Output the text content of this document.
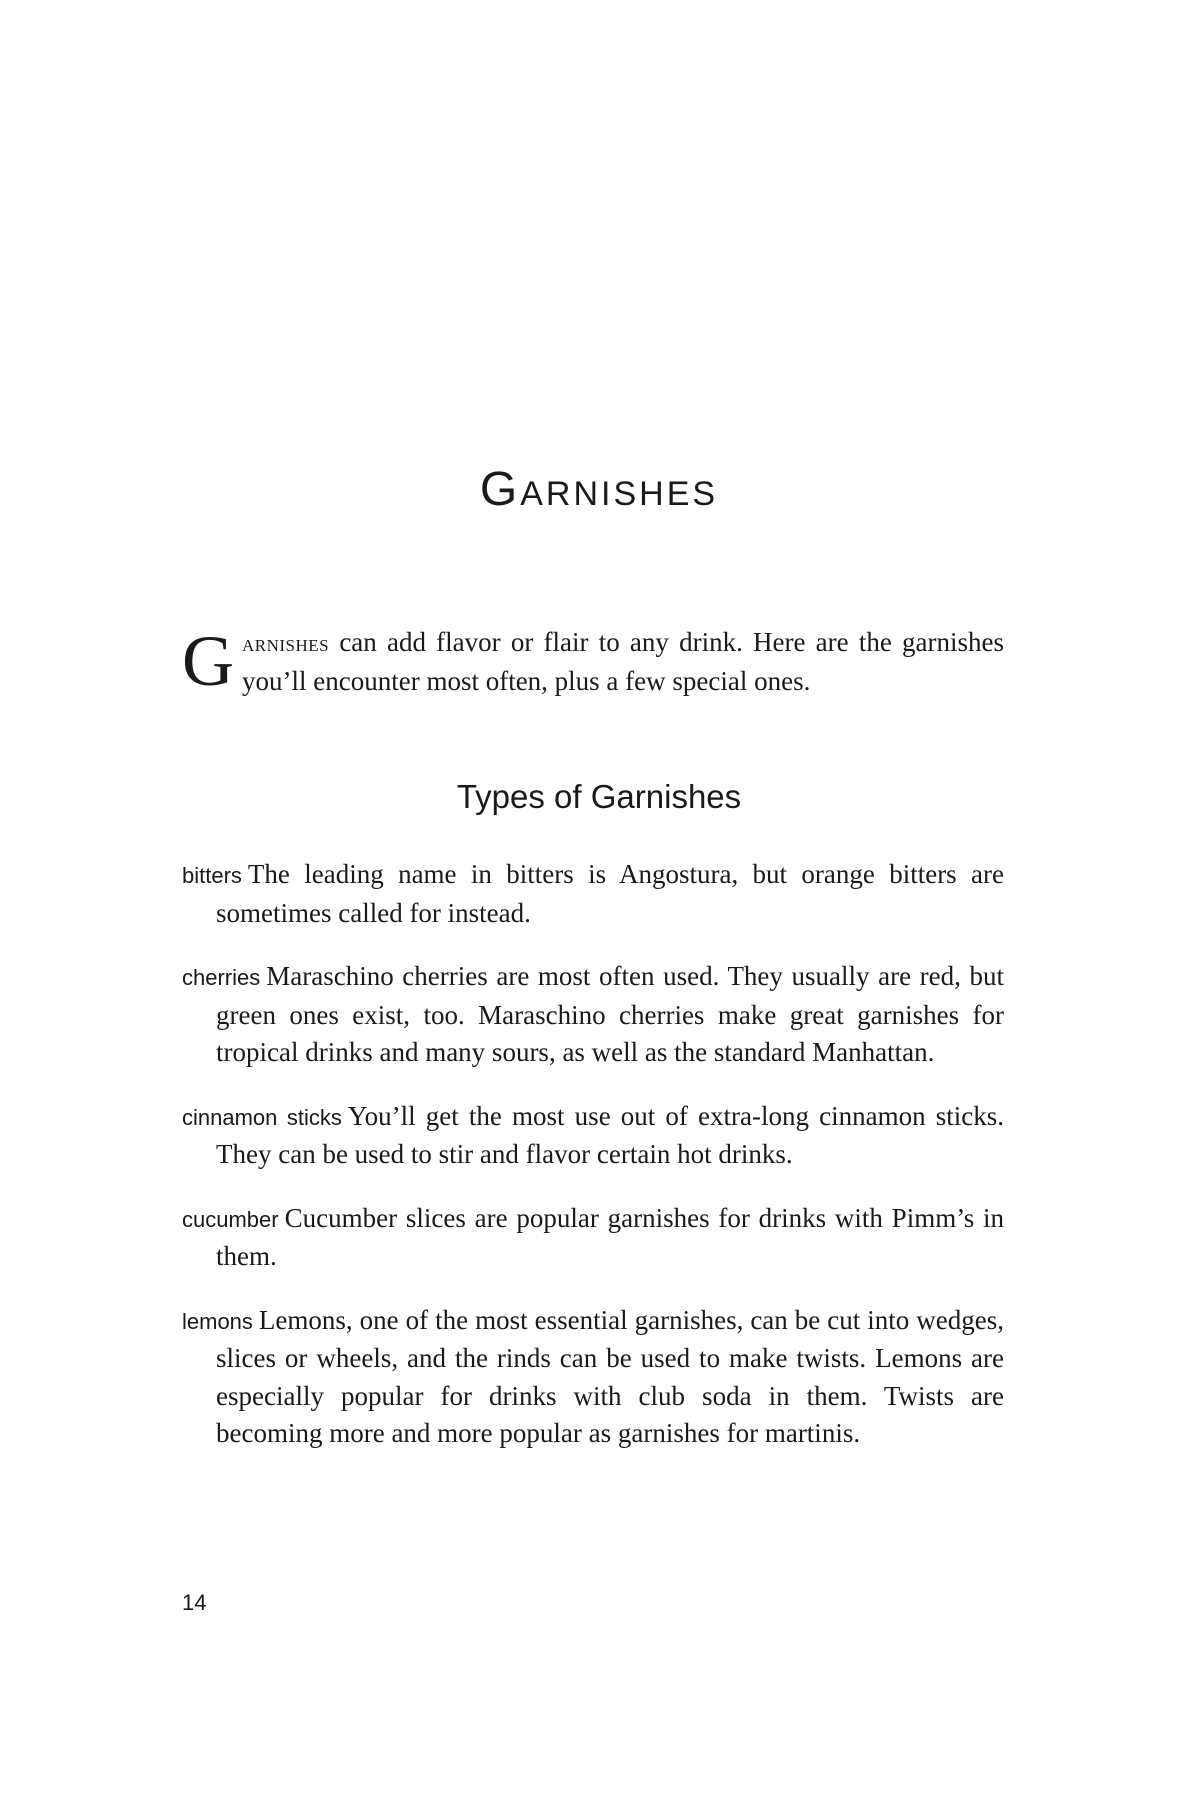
Garnishes

Garnishes can add flavor or flair to any drink. Here are the garnishes you’ll encounter most often, plus a few special ones.

Types of Garnishes
bitters The leading name in bitters is Angostura, but orange bitters are sometimes called for instead.
cherries Maraschino cherries are most often used. They usually are red, but green ones exist, too. Maraschino cherries make great garnishes for tropical drinks and many sours, as well as the standard Manhattan.
cinnamon sticks You’ll get the most use out of extra-long cinnamon sticks. They can be used to stir and flavor certain hot drinks.
cucumber Cucumber slices are popular garnishes for drinks with Pimm’s in them.
lemons Lemons, one of the most essential garnishes, can be cut into wedges, slices or wheels, and the rinds can be used to make twists. Lemons are especially popular for drinks with club soda in them. Twists are becoming more and more popular as garnishes for martinis.
14
